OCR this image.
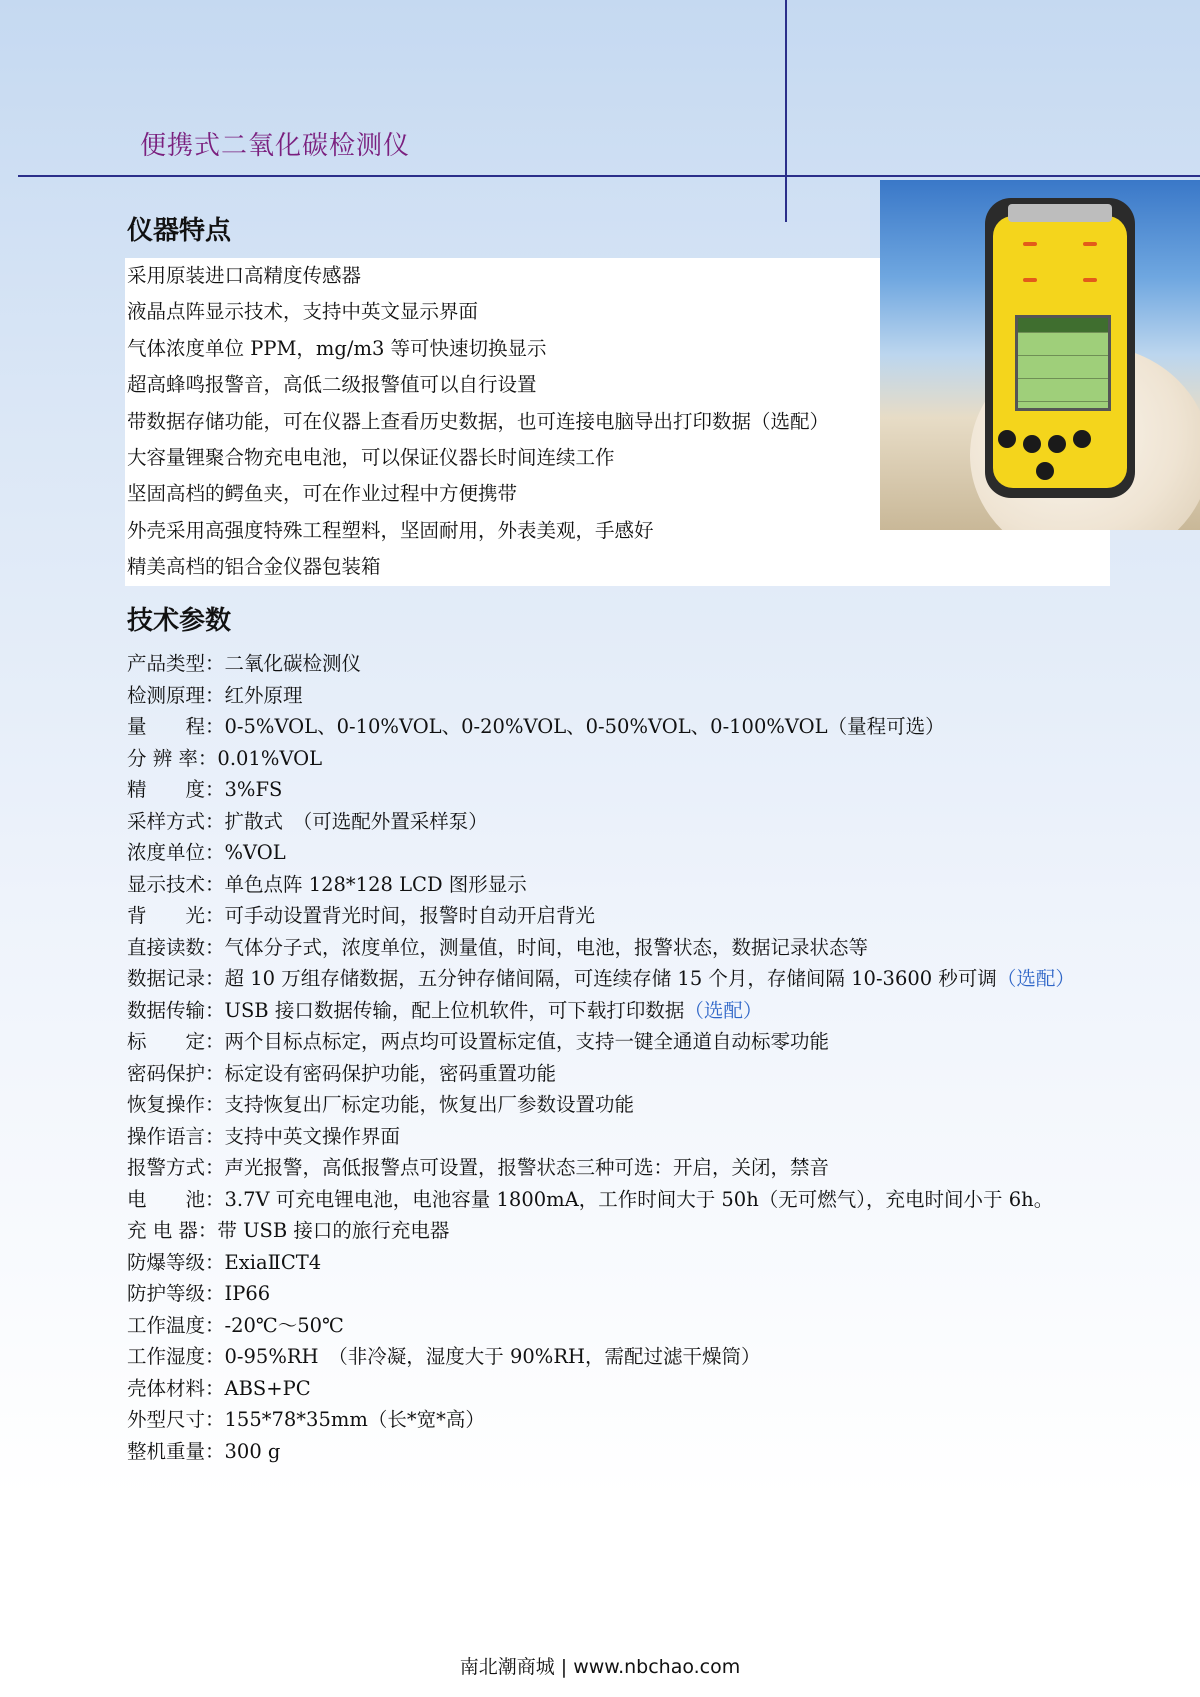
便携式二氧化碳检测仪
仪器特点
采用原装进口高精度传感器
液晶点阵显示技术，支持中英文显示界面
气体浓度单位 PPM，mg/m3 等可快速切换显示
超高蜂鸣报警音，高低二级报警值可以自行设置
带数据存储功能，可在仪器上查看历史数据，也可连接电脑导出打印数据（选配）
大容量锂聚合物充电电池，可以保证仪器长时间连续工作
坚固高档的鳄鱼夹，可在作业过程中方便携带
外壳采用高强度特殊工程塑料，坚固耐用，外表美观，手感好
精美高档的铝合金仪器包装箱
技术参数
产品类型：二氧化碳检测仪
检测原理：红外原理
量　　程：0-5%VOL、0-10%VOL、0-20%VOL、0-50%VOL、0-100%VOL（量程可选）
分 辨 率：0.01%VOL
精　　度：3%FS
采样方式：扩散式　（可选配外置采样泵）
浓度单位：%VOL
显示技术：单色点阵 128*128 LCD 图形显示
背　　光：可手动设置背光时间，报警时自动开启背光
直接读数：气体分子式，浓度单位，测量值，时间，电池，报警状态，数据记录状态等
数据记录：超 10 万组存储数据，五分钟存储间隔，可连续存储 15 个月，存储间隔 10-3600 秒可调（选配）
数据传输：USB 接口数据传输，配上位机软件，可下载打印数据（选配）
标　　定：两个目标点标定，两点均可设置标定值，支持一键全通道自动标零功能
密码保护：标定设有密码保护功能，密码重置功能
恢复操作：支持恢复出厂标定功能，恢复出厂参数设置功能
操作语言：支持中英文操作界面
报警方式：声光报警，高低报警点可设置，报警状态三种可选：开启，关闭，禁音
电　　池：3.7V 可充电锂电池，电池容量 1800mA，工作时间大于 50h（无可燃气），充电时间小于 6h。
充 电 器：带 USB 接口的旅行充电器
防爆等级：ExiaⅡCT4
防护等级：IP66
工作温度：-20℃～50℃
工作湿度：0-95%RH　（非冷凝，湿度大于 90%RH，需配过滤干燥筒）
壳体材料：ABS+PC
外型尺寸：155*78*35mm（长*宽*高）
整机重量：300 g
南北潮商城 | www.nbchao.com
